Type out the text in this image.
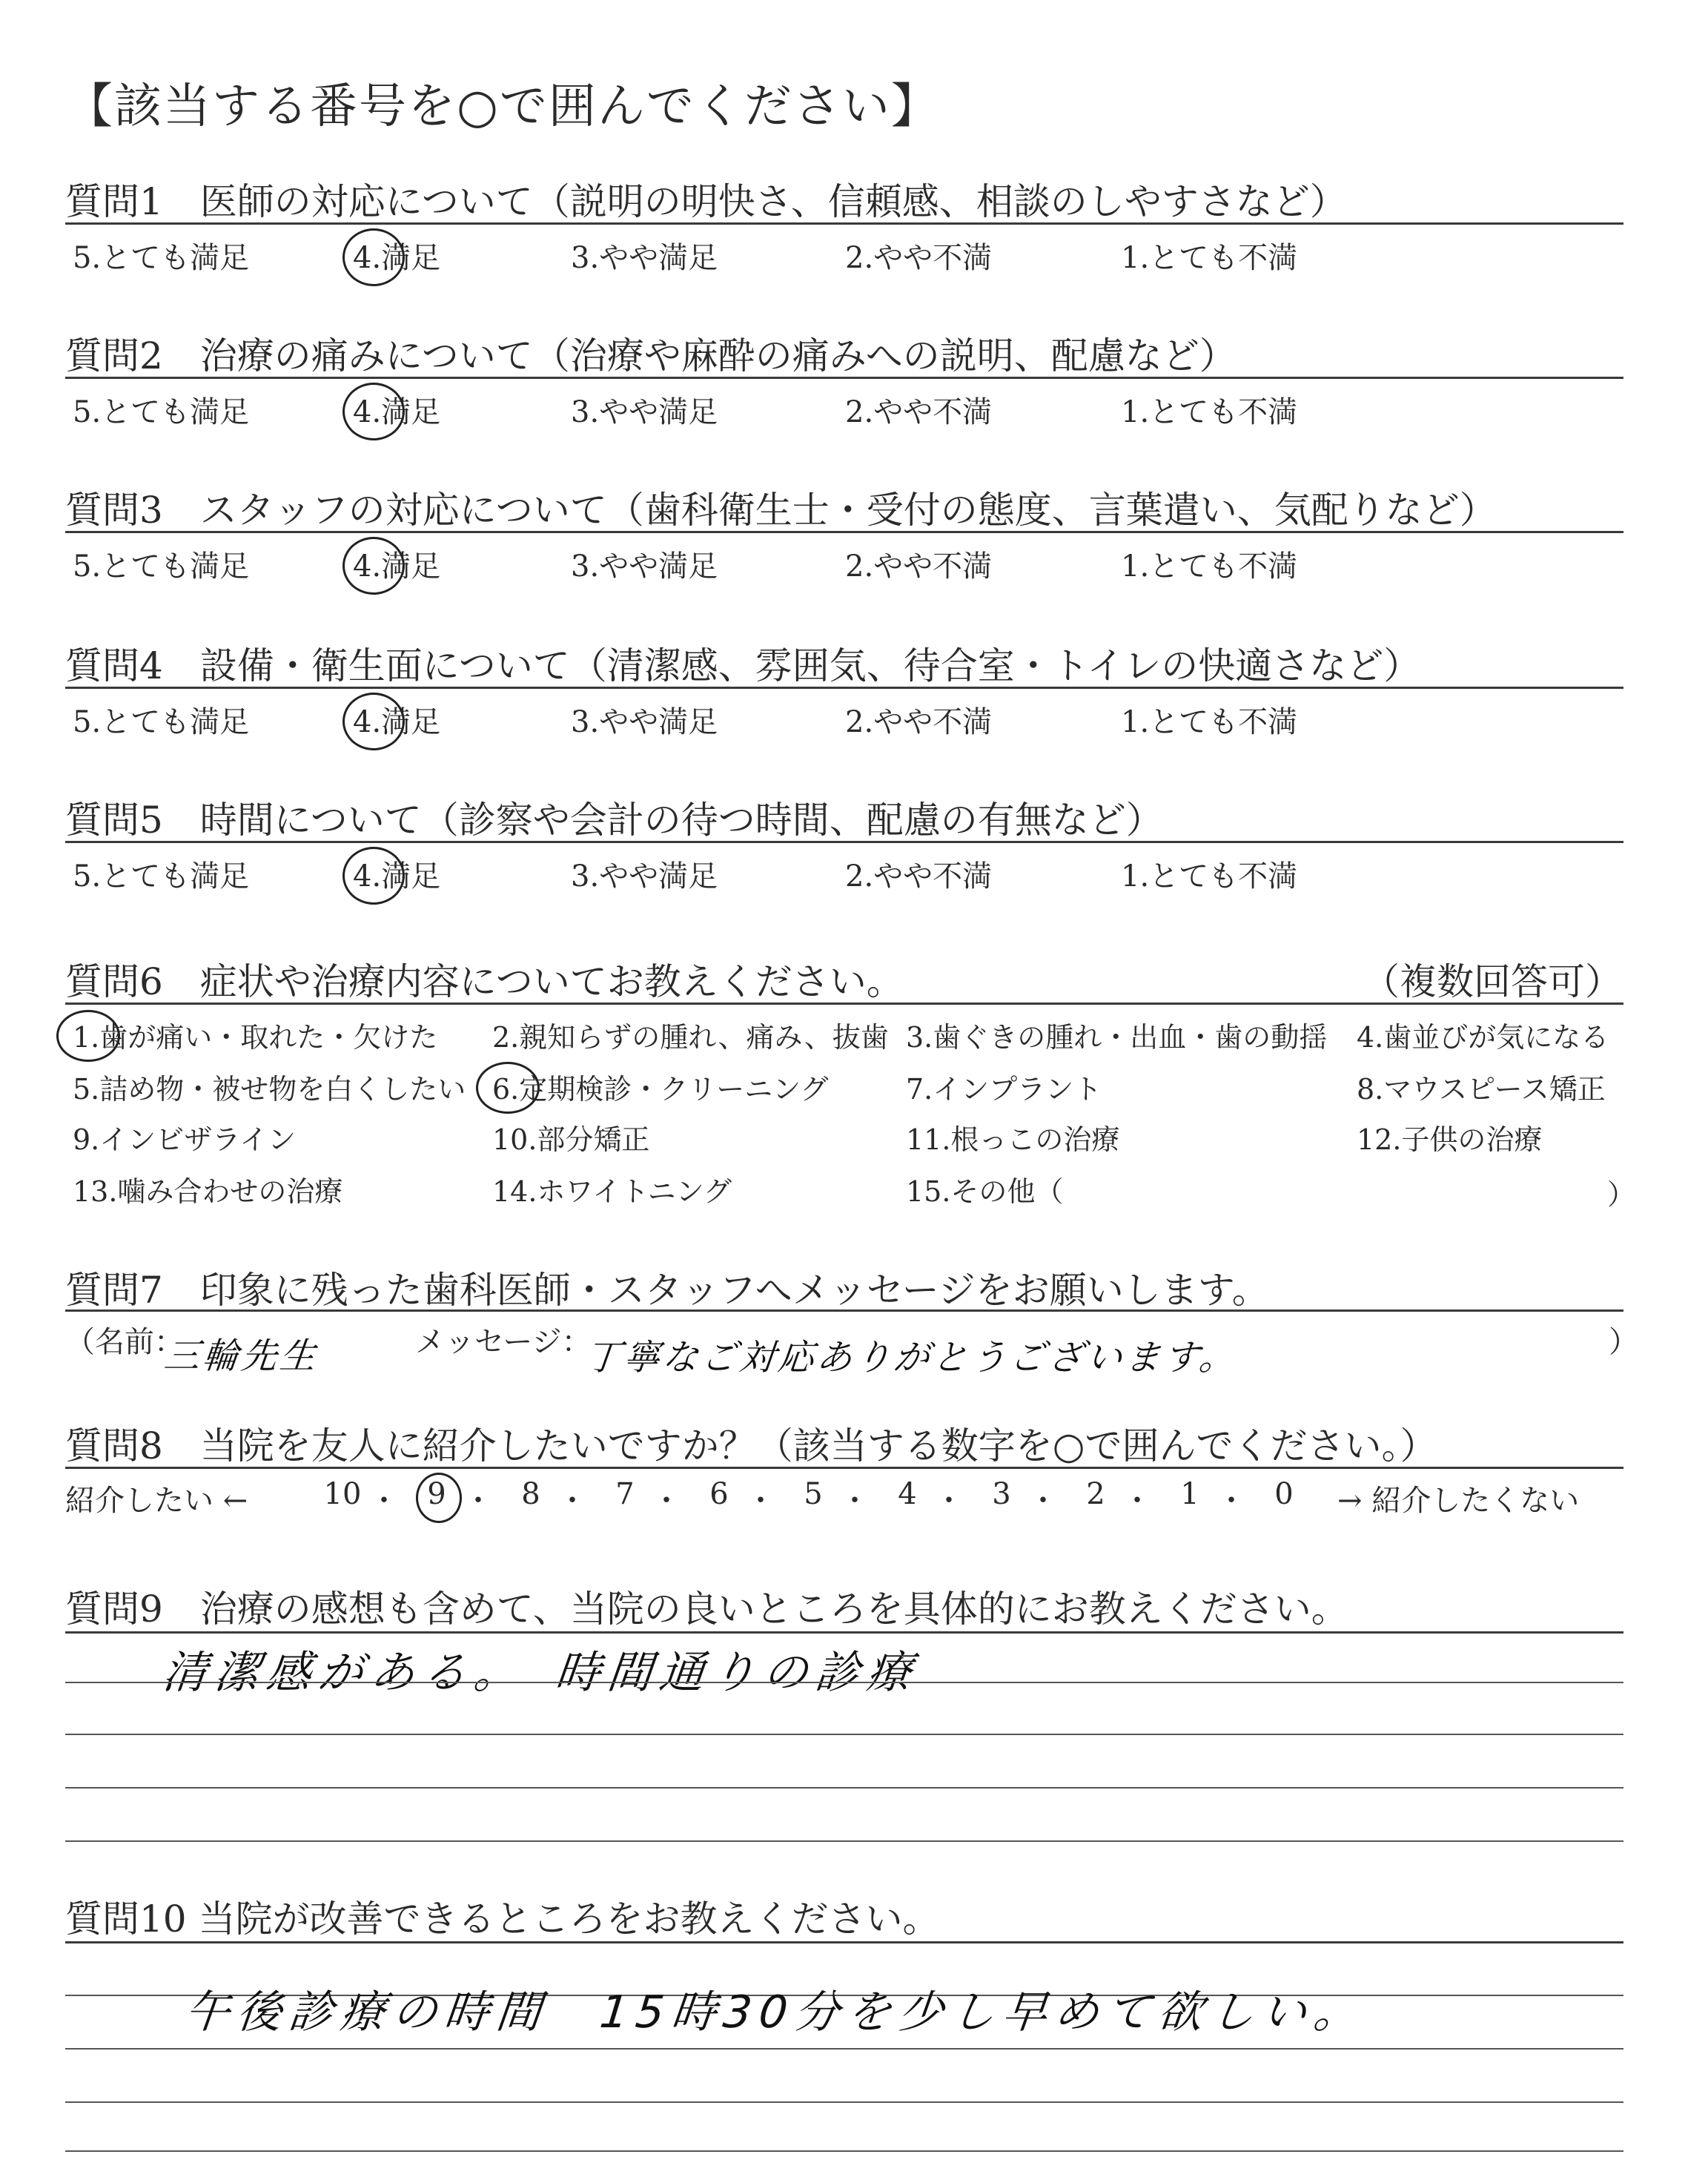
【該当する番号を○で囲んでください】
質問1　医師の対応について（説明の明快さ、信頼感、相談のしやすさなど）
5.とても満足	4.満足	3.やや満足	2.やや不満	1.とても不満
質問2　治療の痛みについて（治療や麻酔の痛みへの説明、配慮など）
5.とても満足	4.満足	3.やや満足	2.やや不満	1.とても不満
質問3　スタッフの対応について（歯科衛生士・受付の態度、言葉遣い、気配りなど）
5.とても満足	4.満足	3.やや満足	2.やや不満	1.とても不満
質問4　設備・衛生面について（清潔感、雰囲気、待合室・トイレの快適さなど）
5.とても満足	4.満足	3.やや満足	2.やや不満	1.とても不満
質問5　時間について（診察や会計の待つ時間、配慮の有無など）
5.とても満足	4.満足	3.やや満足	2.やや不満	1.とても不満
質問6　症状や治療内容についてお教えください。	（複数回答可）
1.歯が痛い・取れた・欠けた 2.親知らずの腫れ、痛み、抜歯 3.歯ぐきの腫れ・出血・歯の動揺 4.歯並びが気になる
5.詰め物・被せ物を白くしたい 6.定期検診・クリーニング	7.インプラント	8.マウスピース矯正
9.インビザライン	10.部分矯正	11.根っこの治療	12.子供の治療
13.噛み合わせの治療	14.ホワイトニング	15.その他（	）
質問7　印象に残った歯科医師・スタッフへメッセージをお願いします。
（名前：
三輪先生	メッセージ：
丁寧なご対応ありがとうございます。	）
質問8　当院を友人に紹介したいですか？（該当する数字を○で囲んでください。）
紹介したい ←	10 ・ 9 ・ 8 ・ 7 ・ 6 ・ 5 ・ 4 ・ 3 ・ 2 ・ 1 ・ 0	→ 紹介したくない
質問9　治療の感想も含めて、当院の良いところを具体的にお教えください。
清潔感がある。　時間通りの診療
質問10 当院が改善できるところをお教えください。
午後診療の時間　15時30分を少し早めて欲しい。
